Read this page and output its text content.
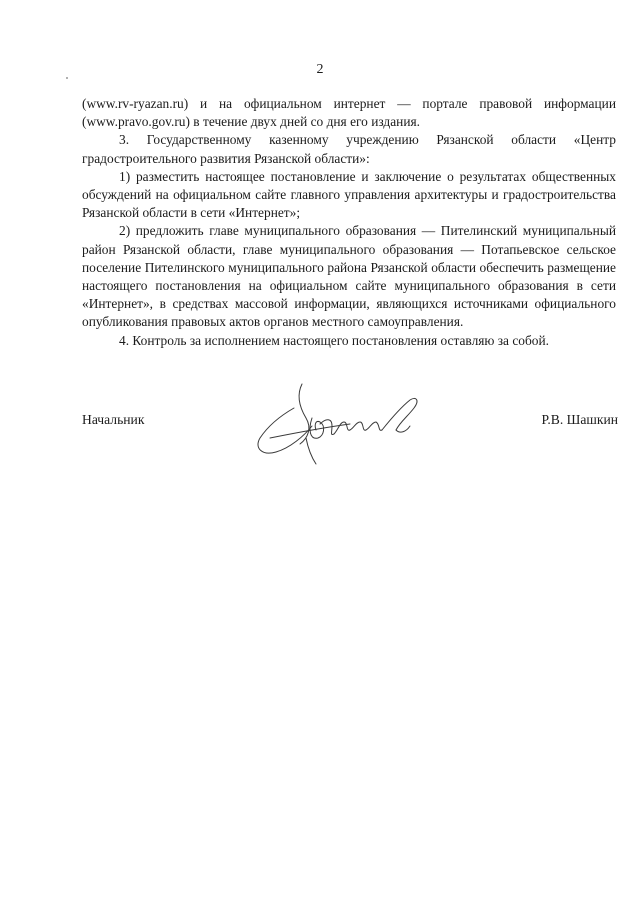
2

(www.rv-ryazan.ru) и на официальном интернет — портале правовой информации (www.pravo.gov.ru) в течение двух дней со дня его издания.

3. Государственному казенному учреждению Рязанской области «Центр градостроительного развития Рязанской области»:

1) разместить настоящее постановление и заключение о результатах общественных обсуждений на официальном сайте главного управления архитектуры и градостроительства Рязанской области в сети «Интернет»;

2) предложить главе муниципального образования — Пителинский муниципальный район Рязанской области, главе муниципального образования — Потапьевское сельское поселение Пителинского муниципального района Рязанской области обеспечить размещение настоящего постановления на официальном сайте муниципального образования в сети «Интернет», в средствах массовой информации, являющихся источниками официального опубликования правовых актов органов местного самоуправления.

4. Контроль за исполнением настоящего постановления оставляю за собой.

Начальник	Р.В. Шашкин
